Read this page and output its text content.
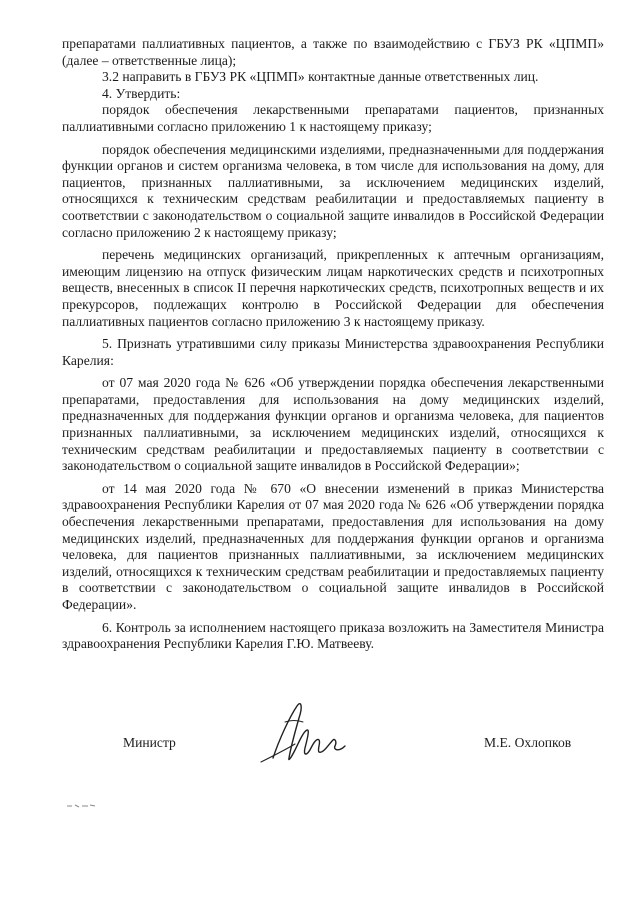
препаратами паллиативных пациентов, а также по взаимодействию с ГБУЗ РК «ЦПМП» (далее – ответственные лица);

3.2 направить в ГБУЗ РК «ЦПМП» контактные данные ответственных лиц.

4. Утвердить:

порядок обеспечения лекарственными препаратами пациентов, признанных паллиативными согласно приложению 1 к настоящему приказу;

порядок обеспечения медицинскими изделиями, предназначенными для поддержания функции органов и систем организма человека, в том числе для использования на дому, для пациентов, признанных паллиативными, за исключением медицинских изделий, относящихся к техническим средствам реабилитации и предоставляемых пациенту в соответствии с законодательством о социальной защите инвалидов в Российской Федерации согласно приложению 2 к настоящему приказу;

перечень медицинских организаций, прикрепленных к аптечным организациям, имеющим лицензию на отпуск физическим лицам наркотических средств и психотропных веществ, внесенных в список II перечня наркотических средств, психотропных веществ и их прекурсоров, подлежащих контролю в Российской Федерации для обеспечения паллиативных пациентов согласно приложению 3 к настоящему приказу.

5. Признать утратившими силу приказы Министерства здравоохранения Республики Карелия:

от 07 мая 2020 года № 626 «Об утверждении порядка обеспечения лекарственными препаратами, предоставления для использования на дому медицинских изделий, предназначенных для поддержания функции органов и организма человека, для пациентов признанных паллиативными, за исключением медицинских изделий, относящихся к техническим средствам реабилитации и предоставляемых пациенту в соответствии с законодательством о социальной защите инвалидов в Российской Федерации»;

от 14 мая 2020 года № 670 «О внесении изменений в приказ Министерства здравоохранения Республики Карелия от 07 мая 2020 года № 626 «Об утверждении порядка обеспечения лекарственными препаратами, предоставления для использования на дому медицинских изделий, предназначенных для поддержания функции органов и организма человека, для пациентов признанных паллиативными, за исключением медицинских изделий, относящихся к техническим средствам реабилитации и предоставляемых пациенту в соответствии с законодательством о социальной защите инвалидов в Российской Федерации».

6. Контроль за исполнением настоящего приказа возложить на Заместителя Министра здравоохранения Республики Карелия Г.Ю. Матвееву.

Министр	М.Е. Охлопков
